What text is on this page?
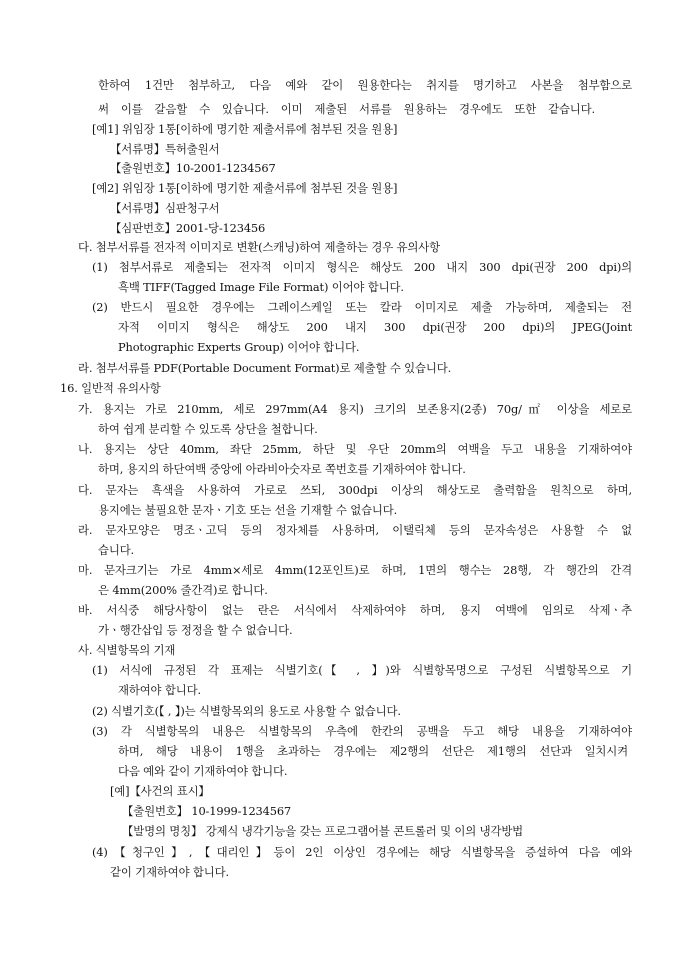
한하여 1건만 첨부하고, 다음 예와 같이 원용한다는 취지를 명기하고 사본을 첨부함으로
써 이를 갈음할 수 있습니다. 이미 제출된 서류를 원용하는 경우에도 또한 같습니다.
[예1] 위임장 1통[이하에 명기한 제출서류에 첨부된 것을 원용]
【서류명】특허출원서
【출원번호】10-2001-1234567
[예2] 위임장 1통[이하에 명기한 제출서류에 첨부된 것을 원용]
【서류명】심판청구서
【심판번호】2001-당-123456
다. 첨부서류를 전자적 이미지로 변환(스캐닝)하여 제출하는 경우 유의사항
(1) 첨부서류로 제출되는 전자적 이미지 형식은 해상도 200 내지 300 dpi(권장 200 dpi)의
흑백 TIFF(Tagged Image File Format) 이어야 합니다.
(2) 반드시 필요한 경우에는 그레이스케일 또는 칼라 이미지로 제출 가능하며, 제출되는 전
자적 이미지 형식은 해상도 200 내지 300 dpi(권장 200 dpi)의 JPEG(Joint
Photographic Experts Group) 이어야 합니다.
라. 첨부서류를 PDF(Portable Document Format)로 제출할 수 있습니다.
16. 일반적 유의사항
가. 용지는 가로 210mm, 세로 297mm(A4 용지) 크기의 보존용지(2종) 70g/㎡ 이상을 세로로
하여 쉽게 분리할 수 있도록 상단을 철합니다.
나. 용지는 상단 40mm, 좌단 25mm, 하단 및 우단 20mm의 여백을 두고 내용을 기재하여야
하며, 용지의 하단여백 중앙에 아라비아숫자로 쪽번호를 기재하여야 합니다.
다. 문자는 흑색을 사용하여 가로로 쓰되, 300dpi 이상의 해상도로 출력함을 원칙으로 하며,
용지에는 불필요한 문자ㆍ기호 또는 선을 기재할 수 없습니다.
라. 문자모양은 명조ㆍ고딕 등의 정자체를 사용하며, 이탤릭체 등의 문자속성은 사용할 수 없
습니다.
마. 문자크기는 가로 4mm×세로 4mm(12포인트)로 하며, 1면의 행수는 28행, 각 행간의 간격
은 4mm(200% 줄간격)로 합니다.
바. 서식중 해당사항이 없는 란은 서식에서 삭제하여야 하며, 용지 여백에 임의로 삭제ㆍ추
가ㆍ행간삽입 등 정정을 할 수 없습니다.
사. 식별항목의 기재
(1) 서식에 규정된 각 표제는 식별기호(【 , 】)와 식별항목명으로 구성된 식별항목으로 기
재하여야 합니다.
(2) 식별기호(【 , 】)는 식별항목외의 용도로 사용할 수 없습니다.
(3) 각 식별항목의 내용은 식별항목의 우측에 한칸의 공백을 두고 해당 내용을 기재하여야
하며, 해당 내용이 1행을 초과하는 경우에는 제2행의 선단은 제1행의 선단과 일치시켜
다음 예와 같이 기재하여야 합니다.
[예]【사건의 표시】
【출원번호】 10-1999-1234567
【발명의 명칭】 강제식 냉각기능을 갖는 프로그램어블 콘트롤러 및 이의 냉각방법
(4)【청구인】,【대리인】등이 2인 이상인 경우에는 해당 식별항목을 증설하여 다음 예와
같이 기재하여야 합니다.
